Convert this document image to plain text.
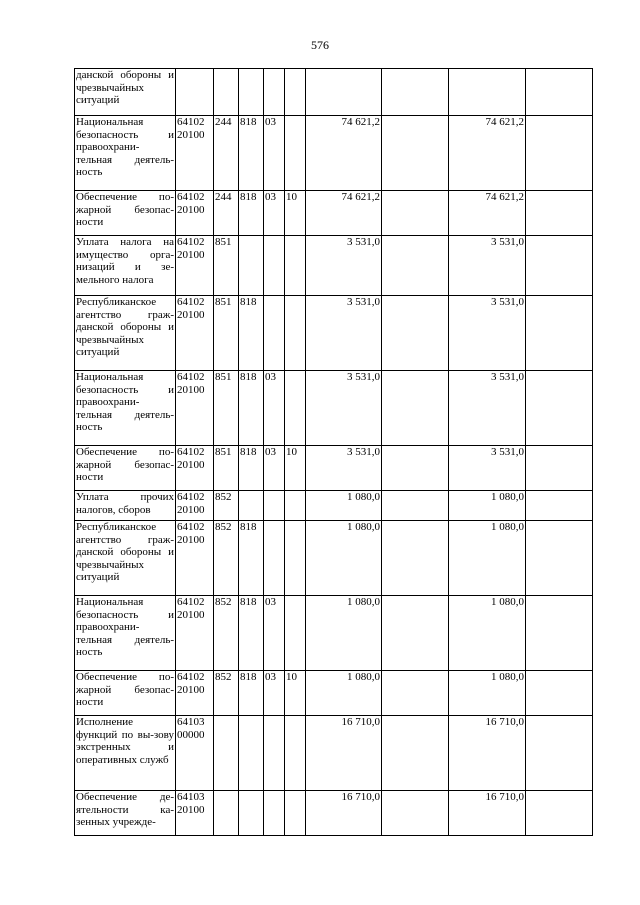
576
данской обороны и чрезвычайных ситуаций									
Национальная безопасность и правоохрани-тельная деятель-ность	64102 20100	244	818	03		74 621,2		74 621,2	
Обеспечение по-жарной безопас-ности	64102 20100	244	818	03	10	74 621,2		74 621,2	
Уплата налога на имущество орга-низаций и зе-мельного налога	64102 20100	851				3 531,0		3 531,0	
Республиканское агентство граж-данской обороны и чрезвычайных ситуаций	64102 20100	851	818			3 531,0		3 531,0	
Национальная безопасность и правоохрани-тельная деятель-ность	64102 20100	851	818	03		3 531,0		3 531,0	
Обеспечение по-жарной безопас-ности	64102 20100	851	818	03	10	3 531,0		3 531,0	
Уплата прочих налогов, сборов	64102 20100	852				1 080,0		1 080,0	
Республиканское агентство граж-данской обороны и чрезвычайных ситуаций	64102 20100	852	818			1 080,0		1 080,0	
Национальная безопасность и правоохрани-тельная деятель-ность	64102 20100	852	818	03		1 080,0		1 080,0	
Обеспечение по-жарной безопас-ности	64102 20100	852	818	03	10	1 080,0		1 080,0	
Исполнение функций по вы-зову экстренных и оперативных служб	64103 00000					16 710,0		16 710,0	
Обеспечение де-ятельности ка-зенных учрежде-	64103 20100					16 710,0		16 710,0	
